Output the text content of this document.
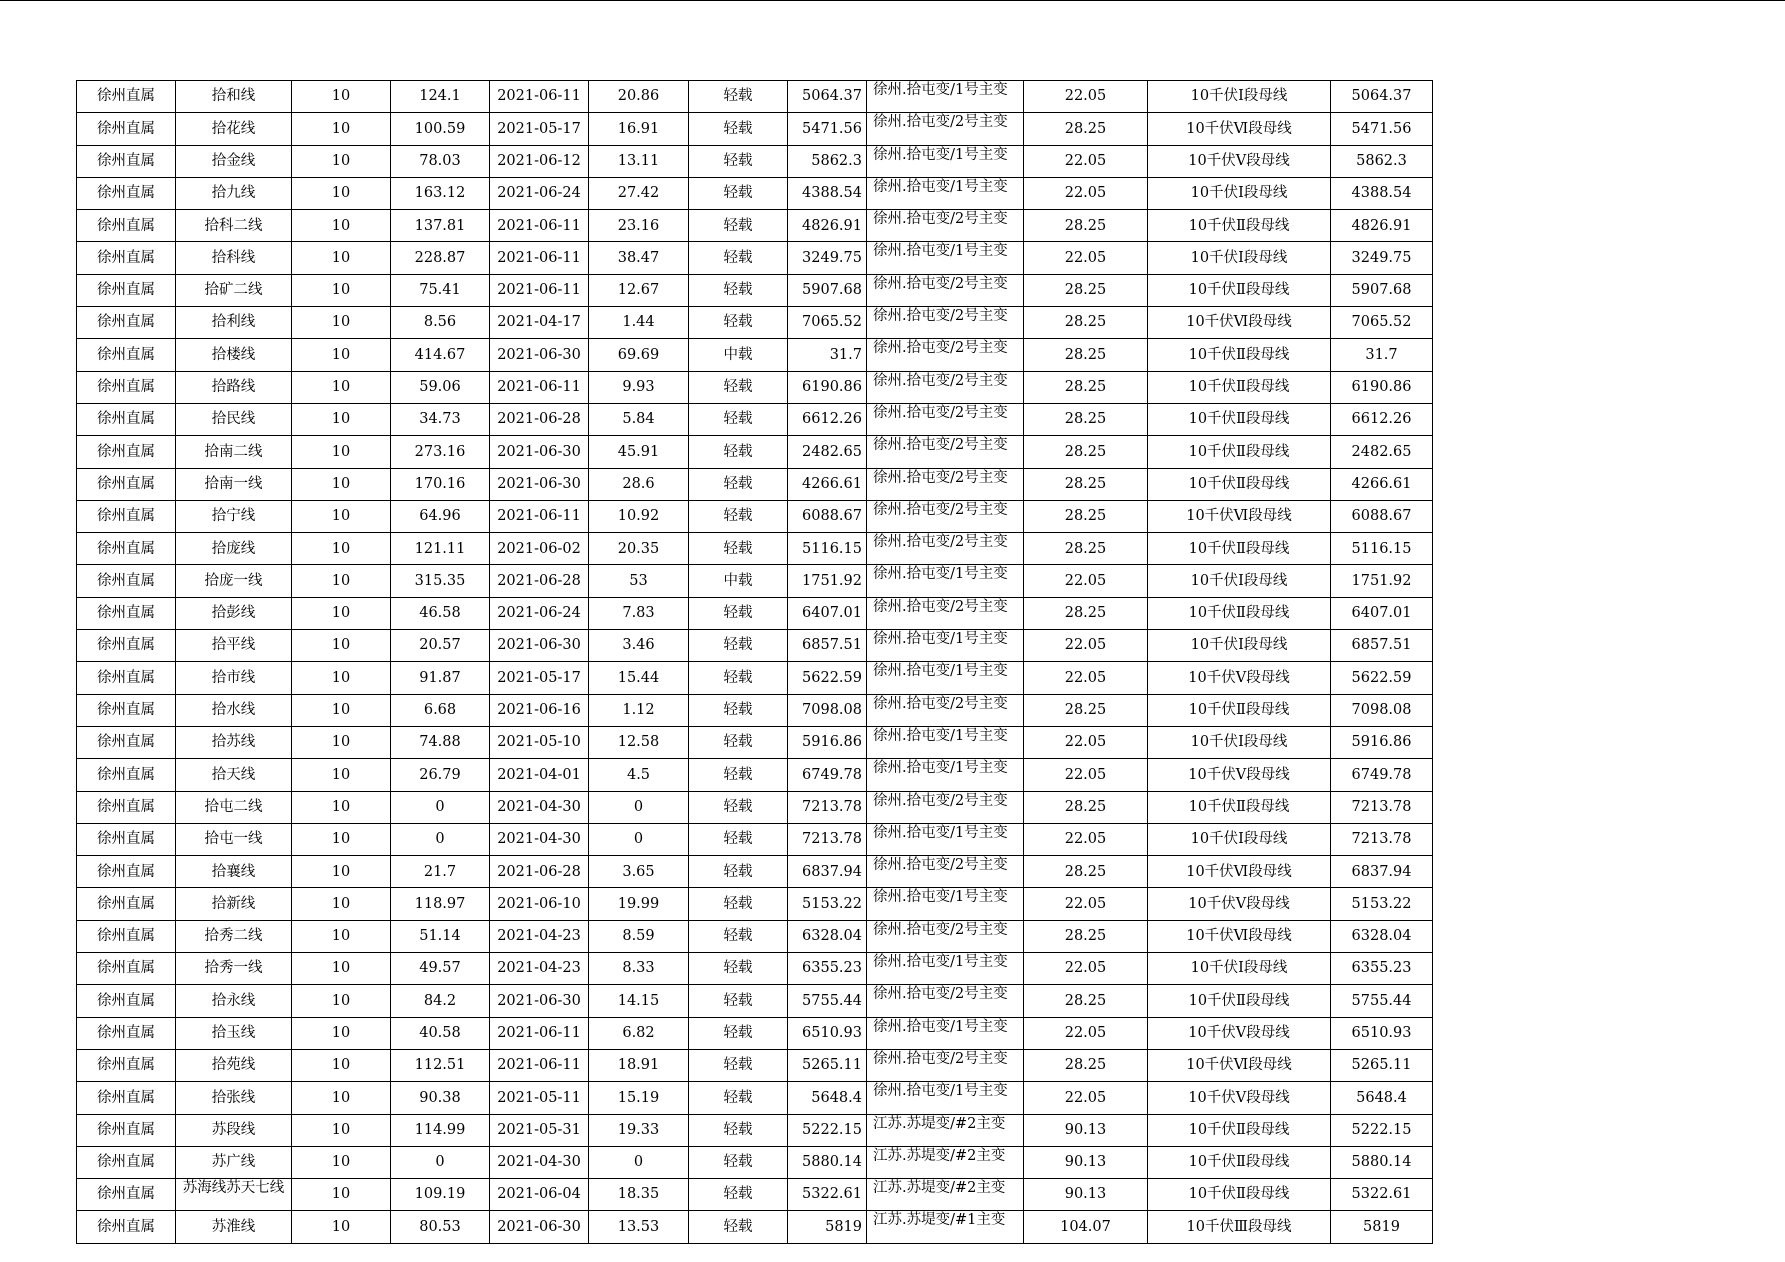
徐州直属	拾和线	10	124.1	2021-06-11	20.86	轻载	5064.37	徐州.拾屯变/1号主变	22.05	10千伏Ⅰ段母线	5064.37
徐州直属	拾花线	10	100.59	2021-05-17	16.91	轻载	5471.56	徐州.拾屯变/2号主变	28.25	10千伏Ⅵ段母线	5471.56
徐州直属	拾金线	10	78.03	2021-06-12	13.11	轻载	5862.3	徐州.拾屯变/1号主变	22.05	10千伏Ⅴ段母线	5862.3
徐州直属	拾九线	10	163.12	2021-06-24	27.42	轻载	4388.54	徐州.拾屯变/1号主变	22.05	10千伏Ⅰ段母线	4388.54
徐州直属	拾科二线	10	137.81	2021-06-11	23.16	轻载	4826.91	徐州.拾屯变/2号主变	28.25	10千伏Ⅱ段母线	4826.91
徐州直属	拾科线	10	228.87	2021-06-11	38.47	轻载	3249.75	徐州.拾屯变/1号主变	22.05	10千伏Ⅰ段母线	3249.75
徐州直属	拾矿二线	10	75.41	2021-06-11	12.67	轻载	5907.68	徐州.拾屯变/2号主变	28.25	10千伏Ⅱ段母线	5907.68
徐州直属	拾利线	10	8.56	2021-04-17	1.44	轻载	7065.52	徐州.拾屯变/2号主变	28.25	10千伏Ⅵ段母线	7065.52
徐州直属	拾楼线	10	414.67	2021-06-30	69.69	中载	31.7	徐州.拾屯变/2号主变	28.25	10千伏Ⅱ段母线	31.7
徐州直属	拾路线	10	59.06	2021-06-11	9.93	轻载	6190.86	徐州.拾屯变/2号主变	28.25	10千伏Ⅱ段母线	6190.86
徐州直属	拾民线	10	34.73	2021-06-28	5.84	轻载	6612.26	徐州.拾屯变/2号主变	28.25	10千伏Ⅱ段母线	6612.26
徐州直属	拾南二线	10	273.16	2021-06-30	45.91	轻载	2482.65	徐州.拾屯变/2号主变	28.25	10千伏Ⅱ段母线	2482.65
徐州直属	拾南一线	10	170.16	2021-06-30	28.6	轻载	4266.61	徐州.拾屯变/2号主变	28.25	10千伏Ⅱ段母线	4266.61
徐州直属	拾宁线	10	64.96	2021-06-11	10.92	轻载	6088.67	徐州.拾屯变/2号主变	28.25	10千伏Ⅵ段母线	6088.67
徐州直属	拾庞线	10	121.11	2021-06-02	20.35	轻载	5116.15	徐州.拾屯变/2号主变	28.25	10千伏Ⅱ段母线	5116.15
徐州直属	拾庞一线	10	315.35	2021-06-28	53	中载	1751.92	徐州.拾屯变/1号主变	22.05	10千伏Ⅰ段母线	1751.92
徐州直属	拾彭线	10	46.58	2021-06-24	7.83	轻载	6407.01	徐州.拾屯变/2号主变	28.25	10千伏Ⅱ段母线	6407.01
徐州直属	拾平线	10	20.57	2021-06-30	3.46	轻载	6857.51	徐州.拾屯变/1号主变	22.05	10千伏Ⅰ段母线	6857.51
徐州直属	拾市线	10	91.87	2021-05-17	15.44	轻载	5622.59	徐州.拾屯变/1号主变	22.05	10千伏Ⅴ段母线	5622.59
徐州直属	拾水线	10	6.68	2021-06-16	1.12	轻载	7098.08	徐州.拾屯变/2号主变	28.25	10千伏Ⅱ段母线	7098.08
徐州直属	拾苏线	10	74.88	2021-05-10	12.58	轻载	5916.86	徐州.拾屯变/1号主变	22.05	10千伏Ⅰ段母线	5916.86
徐州直属	拾天线	10	26.79	2021-04-01	4.5	轻载	6749.78	徐州.拾屯变/1号主变	22.05	10千伏Ⅴ段母线	6749.78
徐州直属	拾屯二线	10	0	2021-04-30	0	轻载	7213.78	徐州.拾屯变/2号主变	28.25	10千伏Ⅱ段母线	7213.78
徐州直属	拾屯一线	10	0	2021-04-30	0	轻载	7213.78	徐州.拾屯变/1号主变	22.05	10千伏Ⅰ段母线	7213.78
徐州直属	拾襄线	10	21.7	2021-06-28	3.65	轻载	6837.94	徐州.拾屯变/2号主变	28.25	10千伏Ⅵ段母线	6837.94
徐州直属	拾新线	10	118.97	2021-06-10	19.99	轻载	5153.22	徐州.拾屯变/1号主变	22.05	10千伏Ⅴ段母线	5153.22
徐州直属	拾秀二线	10	51.14	2021-04-23	8.59	轻载	6328.04	徐州.拾屯变/2号主变	28.25	10千伏Ⅵ段母线	6328.04
徐州直属	拾秀一线	10	49.57	2021-04-23	8.33	轻载	6355.23	徐州.拾屯变/1号主变	22.05	10千伏Ⅰ段母线	6355.23
徐州直属	拾永线	10	84.2	2021-06-30	14.15	轻载	5755.44	徐州.拾屯变/2号主变	28.25	10千伏Ⅱ段母线	5755.44
徐州直属	拾玉线	10	40.58	2021-06-11	6.82	轻载	6510.93	徐州.拾屯变/1号主变	22.05	10千伏Ⅴ段母线	6510.93
徐州直属	拾苑线	10	112.51	2021-06-11	18.91	轻载	5265.11	徐州.拾屯变/2号主变	28.25	10千伏Ⅵ段母线	5265.11
徐州直属	拾张线	10	90.38	2021-05-11	15.19	轻载	5648.4	徐州.拾屯变/1号主变	22.05	10千伏Ⅴ段母线	5648.4
徐州直属	苏段线	10	114.99	2021-05-31	19.33	轻载	5222.15	江苏.苏堤变/#2主变	90.13	10千伏Ⅱ段母线	5222.15
徐州直属	苏广线	10	0	2021-04-30	0	轻载	5880.14	江苏.苏堤变/#2主变	90.13	10千伏Ⅱ段母线	5880.14
徐州直属	苏海线苏天七线	10	109.19	2021-06-04	18.35	轻载	5322.61	江苏.苏堤变/#2主变	90.13	10千伏Ⅱ段母线	5322.61
徐州直属	苏淮线	10	80.53	2021-06-30	13.53	轻载	5819	江苏.苏堤变/#1主变	104.07	10千伏Ⅲ段母线	5819
